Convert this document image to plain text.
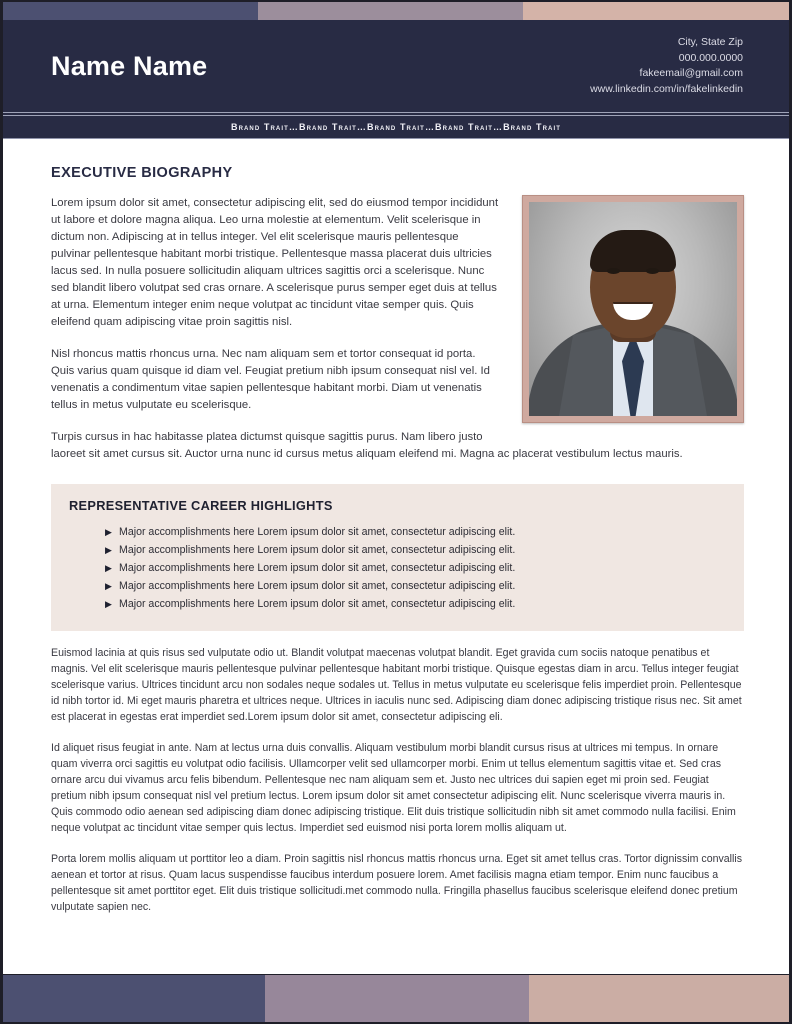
Name Name
City, State Zip
000.000.0000
fakeemail@gmail.com
www.linkedin.com/in/fakelinkedin
Brand Trait…Brand Trait…Brand Trait…Brand Trait…Brand Trait
EXECUTIVE BIOGRAPHY

Lorem ipsum dolor sit amet, consectetur adipiscing elit, sed do eiusmod tempor incididunt ut labore et dolore magna aliqua. Leo urna molestie at elementum. Velit scelerisque in dictum non. Adipiscing at in tellus integer. Vel elit scelerisque mauris pellentesque pulvinar pellentesque habitant morbi tristique. Pellentesque massa placerat duis ultricies lacus sed. In nulla posuere sollicitudin aliquam ultrices sagittis orci a scelerisque. Nunc sed blandit libero volutpat sed cras ornare. A scelerisque purus semper eget duis at tellus at urna. Elementum integer enim neque volutpat ac tincidunt vitae semper quis. Quis eleifend quam adipiscing vitae proin sagittis nisl.

Nisl rhoncus mattis rhoncus urna. Nec nam aliquam sem et tortor consequat id porta. Quis varius quam quisque id diam vel. Feugiat pretium nibh ipsum consequat nisl vel. Id venenatis a condimentum vitae sapien pellentesque habitant morbi. Diam ut venenatis tellus in metus vulputate eu scelerisque.

Turpis cursus in hac habitasse platea dictumst quisque sagittis purus. Nam libero justo laoreet sit amet cursus sit. Auctor urna nunc id cursus metus aliquam eleifend mi. Magna ac placerat vestibulum lectus mauris.

REPRESENTATIVE CAREER HIGHLIGHTS
▶ Major accomplishments here Lorem ipsum dolor sit amet, consectetur adipiscing elit.
▶ Major accomplishments here Lorem ipsum dolor sit amet, consectetur adipiscing elit.
▶ Major accomplishments here Lorem ipsum dolor sit amet, consectetur adipiscing elit.
▶ Major accomplishments here Lorem ipsum dolor sit amet, consectetur adipiscing elit.
▶ Major accomplishments here Lorem ipsum dolor sit amet, consectetur adipiscing elit.

Euismod lacinia at quis risus sed vulputate odio ut. Blandit volutpat maecenas volutpat blandit. Eget gravida cum sociis natoque penatibus et magnis. Vel elit scelerisque mauris pellentesque pulvinar pellentesque habitant morbi tristique. Quisque egestas diam in arcu. Tellus integer feugiat scelerisque varius. Ultrices tincidunt arcu non sodales neque sodales ut. Tellus in metus vulputate eu scelerisque felis imperdiet proin. Pellentesque id nibh tortor id. Mi eget mauris pharetra et ultrices neque. Ultrices in iaculis nunc sed. Adipiscing diam donec adipiscing tristique risus nec. Sit amet est placerat in egestas erat imperdiet sed.Lorem ipsum dolor sit amet, consectetur adipiscing eli.

Id aliquet risus feugiat in ante. Nam at lectus urna duis convallis. Aliquam vestibulum morbi blandit cursus risus at ultrices mi tempus. In ornare quam viverra orci sagittis eu volutpat odio facilisis. Ullamcorper velit sed ullamcorper morbi. Enim ut tellus elementum sagittis vitae et. Sed cras ornare arcu dui vivamus arcu felis bibendum. Pellentesque nec nam aliquam sem et. Justo nec ultrices dui sapien eget mi proin sed. Feugiat pretium nibh ipsum consequat nisl vel pretium lectus. Lorem ipsum dolor sit amet consectetur adipiscing elit. Nunc scelerisque viverra mauris in. Quis commodo odio aenean sed adipiscing diam donec adipiscing tristique. Elit duis tristique sollicitudin nibh sit amet commodo nulla facilisi. Enim neque volutpat ac tincidunt vitae semper quis lectus. Imperdiet sed euismod nisi porta lorem mollis aliquam ut.

Porta lorem mollis aliquam ut porttitor leo a diam. Proin sagittis nisl rhoncus mattis rhoncus urna. Eget sit amet tellus cras. Tortor dignissim convallis aenean et tortor at risus. Quam lacus suspendisse faucibus interdum posuere lorem. Amet facilisis magna etiam tempor. Enim nunc faucibus a pellentesque sit amet porttitor eget. Elit duis tristique sollicitudi.met commodo nulla. Fringilla phasellus faucibus scelerisque eleifend donec pretium vulputate sapien nec.
